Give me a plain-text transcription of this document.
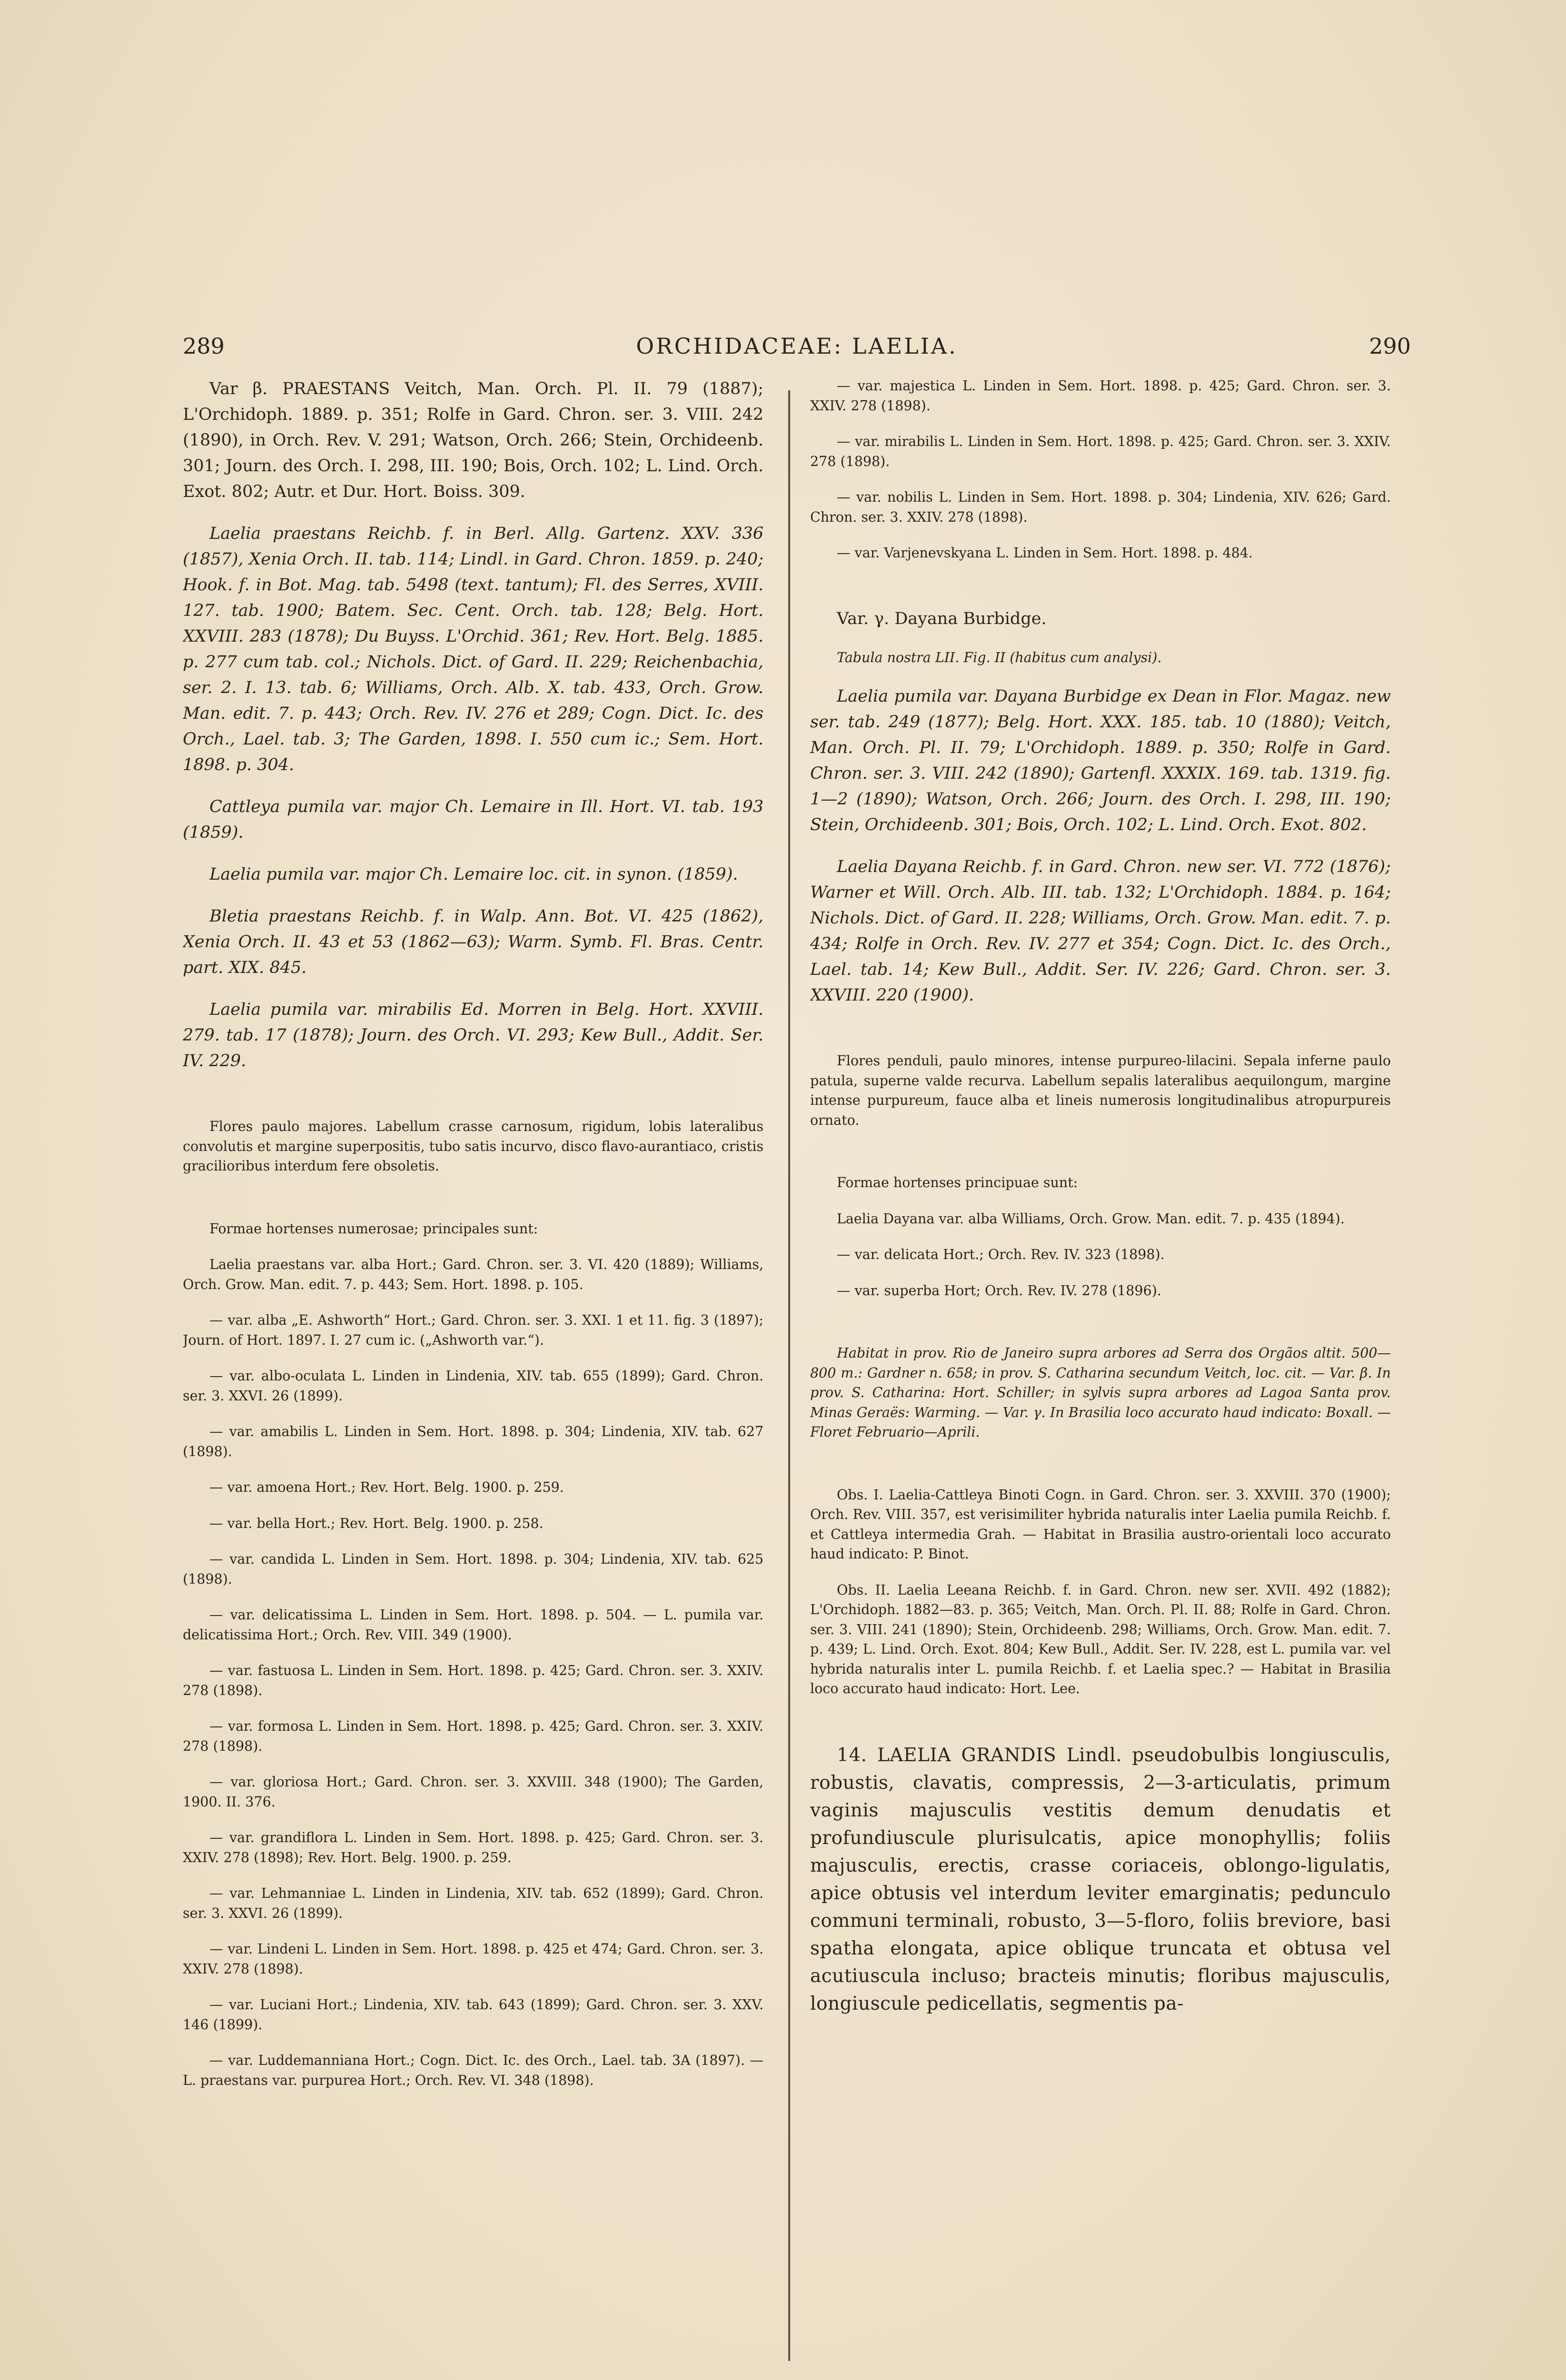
289	ORCHIDACEAE: LAELIA.	290

Var β. PRAESTANS Veitch, Man. Orch. Pl. II. 79 (1887); L'Orchidoph. 1889. p. 351; Rolfe in Gard. Chron. ser. 3. VIII. 242 (1890), in Orch. Rev. V. 291; Watson, Orch. 266; Stein, Orchideenb. 301; Journ. des Orch. I. 298, III. 190; Bois, Orch. 102; L. Lind. Orch. Exot. 802; Autr. et Dur. Hort. Boiss. 309.

Laelia praestans Reichb. f. in Berl. Allg. Gartenz. XXV. 336 (1857), Xenia Orch. II. tab. 114; Lindl. in Gard. Chron. 1859. p. 240; Hook. f. in Bot. Mag. tab. 5498 (text. tantum); Fl. des Serres, XVIII. 127. tab. 1900; Batem. Sec. Cent. Orch. tab. 128; Belg. Hort. XXVIII. 283 (1878); Du Buyss. L'Orchid. 361; Rev. Hort. Belg. 1885. p. 277 cum tab. col.; Nichols. Dict. of Gard. II. 229; Reichenbachia, ser. 2. I. 13. tab. 6; Williams, Orch. Alb. X. tab. 433, Orch. Grow. Man. edit. 7. p. 443; Orch. Rev. IV. 276 et 289; Cogn. Dict. Ic. des Orch., Lael. tab. 3; The Garden, 1898. I. 550 cum ic.; Sem. Hort. 1898. p. 304.

Cattleya pumila var. major Ch. Lemaire in Ill. Hort. VI. tab. 193 (1859).

Laelia pumila var. major Ch. Lemaire loc. cit. in synon. (1859).

Bletia praestans Reichb. f. in Walp. Ann. Bot. VI. 425 (1862), Xenia Orch. II. 43 et 53 (1862—63); Warm. Symb. Fl. Bras. Centr. part. XIX. 845.

Laelia pumila var. mirabilis Ed. Morren in Belg. Hort. XXVIII. 279. tab. 17 (1878); Journ. des Orch. VI. 293; Kew Bull., Addit. Ser. IV. 229.

Flores paulo majores. Labellum crasse carnosum, rigidum, lobis lateralibus convolutis et margine superpositis, tubo satis incurvo, disco flavo-aurantiaco, cristis gracilioribus interdum fere obsoletis.

Formae hortenses numerosae; principales sunt:

Laelia praestans var. alba Hort.; Gard. Chron. ser. 3. VI. 420 (1889); Williams, Orch. Grow. Man. edit. 7. p. 443; Sem. Hort. 1898. p. 105.

— var. alba „E. Ashworth“ Hort.; Gard. Chron. ser. 3. XXI. 1 et 11. fig. 3 (1897); Journ. of Hort. 1897. I. 27 cum ic. („Ashworth var.“).

— var. albo-oculata L. Linden in Lindenia, XIV. tab. 655 (1899); Gard. Chron. ser. 3. XXVI. 26 (1899).

— var. amabilis L. Linden in Sem. Hort. 1898. p. 304; Lindenia, XIV. tab. 627 (1898).

— var. amoena Hort.; Rev. Hort. Belg. 1900. p. 259.

— var. bella Hort.; Rev. Hort. Belg. 1900. p. 258.

— var. candida L. Linden in Sem. Hort. 1898. p. 304; Lindenia, XIV. tab. 625 (1898).

— var. delicatissima L. Linden in Sem. Hort. 1898. p. 504. — L. pumila var. delicatissima Hort.; Orch. Rev. VIII. 349 (1900).

— var. fastuosa L. Linden in Sem. Hort. 1898. p. 425; Gard. Chron. ser. 3. XXIV. 278 (1898).

— var. formosa L. Linden in Sem. Hort. 1898. p. 425; Gard. Chron. ser. 3. XXIV. 278 (1898).

— var. gloriosa Hort.; Gard. Chron. ser. 3. XXVIII. 348 (1900); The Garden, 1900. II. 376.

— var. grandiflora L. Linden in Sem. Hort. 1898. p. 425; Gard. Chron. ser. 3. XXIV. 278 (1898); Rev. Hort. Belg. 1900. p. 259.

— var. Lehmanniae L. Linden in Lindenia, XIV. tab. 652 (1899); Gard. Chron. ser. 3. XXVI. 26 (1899).

— var. Lindeni L. Linden in Sem. Hort. 1898. p. 425 et 474; Gard. Chron. ser. 3. XXIV. 278 (1898).

— var. Luciani Hort.; Lindenia, XIV. tab. 643 (1899); Gard. Chron. ser. 3. XXV. 146 (1899).

— var. Luddemanniana Hort.; Cogn. Dict. Ic. des Orch., Lael. tab. 3A (1897). — L. praestans var. purpurea Hort.; Orch. Rev. VI. 348 (1898).

— var. majestica L. Linden in Sem. Hort. 1898. p. 425; Gard. Chron. ser. 3. XXIV. 278 (1898).

— var. mirabilis L. Linden in Sem. Hort. 1898. p. 425; Gard. Chron. ser. 3. XXIV. 278 (1898).

— var. nobilis L. Linden in Sem. Hort. 1898. p. 304; Lindenia, XIV. 626; Gard. Chron. ser. 3. XXIV. 278 (1898).

— var. Varjenevskyana L. Linden in Sem. Hort. 1898. p. 484.

Var. γ. Dayana Burbidge.

Tabula nostra LII. Fig. II (habitus cum analysi).

Laelia pumila var. Dayana Burbidge ex Dean in Flor. Magaz. new ser. tab. 249 (1877); Belg. Hort. XXX. 185. tab. 10 (1880); Veitch, Man. Orch. Pl. II. 79; L'Orchidoph. 1889. p. 350; Rolfe in Gard. Chron. ser. 3. VIII. 242 (1890); Gartenfl. XXXIX. 169. tab. 1319. fig. 1—2 (1890); Watson, Orch. 266; Journ. des Orch. I. 298, III. 190; Stein, Orchideenb. 301; Bois, Orch. 102; L. Lind. Orch. Exot. 802.

Laelia Dayana Reichb. f. in Gard. Chron. new ser. VI. 772 (1876); Warner et Will. Orch. Alb. III. tab. 132; L'Orchidoph. 1884. p. 164; Nichols. Dict. of Gard. II. 228; Williams, Orch. Grow. Man. edit. 7. p. 434; Rolfe in Orch. Rev. IV. 277 et 354; Cogn. Dict. Ic. des Orch., Lael. tab. 14; Kew Bull., Addit. Ser. IV. 226; Gard. Chron. ser. 3. XXVIII. 220 (1900).

Flores penduli, paulo minores, intense purpureo-lilacini. Sepala inferne paulo patula, superne valde recurva. Labellum sepalis lateralibus aequilongum, margine intense purpureum, fauce alba et lineis numerosis longitudinalibus atropurpureis ornato.

Formae hortenses principuae sunt:

Laelia Dayana var. alba Williams, Orch. Grow. Man. edit. 7. p. 435 (1894).

— var. delicata Hort.; Orch. Rev. IV. 323 (1898).

— var. superba Hort; Orch. Rev. IV. 278 (1896).

Habitat in prov. Rio de Janeiro supra arbores ad Serra dos Orgãos altit. 500—800 m.: Gardner n. 658; in prov. S. Catharina secundum Veitch, loc. cit. — Var. β. In prov. S. Catharina: Hort. Schiller; in sylvis supra arbores ad Lagoa Santa prov. Minas Geraës: Warming. — Var. γ. In Brasilia loco accurato haud indicato: Boxall. — Floret Februario—Aprili.

Obs. I. Laelia-Cattleya Binoti Cogn. in Gard. Chron. ser. 3. XXVIII. 370 (1900); Orch. Rev. VIII. 357, est verisimiliter hybrida naturalis inter Laelia pumila Reichb. f. et Cattleya intermedia Grah. — Habitat in Brasilia austro-orientali loco accurato haud indicato: P. Binot.

Obs. II. Laelia Leeana Reichb. f. in Gard. Chron. new ser. XVII. 492 (1882); L'Orchidoph. 1882—83. p. 365; Veitch, Man. Orch. Pl. II. 88; Rolfe in Gard. Chron. ser. 3. VIII. 241 (1890); Stein, Orchideenb. 298; Williams, Orch. Grow. Man. edit. 7. p. 439; L. Lind. Orch. Exot. 804; Kew Bull., Addit. Ser. IV. 228, est L. pumila var. vel hybrida naturalis inter L. pumila Reichb. f. et Laelia spec.? — Habitat in Brasilia loco accurato haud indicato: Hort. Lee.

14. LAELIA GRANDIS Lindl. pseudobulbis longiusculis, robustis, clavatis, compressis, 2—3-articulatis, primum vaginis majusculis vestitis demum denudatis et profundiuscule plurisulcatis, apice monophyllis; foliis majusculis, erectis, crasse coriaceis, oblongo-ligulatis, apice obtusis vel interdum leviter emarginatis; pedunculo communi terminali, robusto, 3—5-floro, foliis breviore, basi spatha elongata, apice oblique truncata et obtusa vel acutiuscula incluso; bracteis minutis; floribus majusculis, longiuscule pedicellatis, segmentis pa-
